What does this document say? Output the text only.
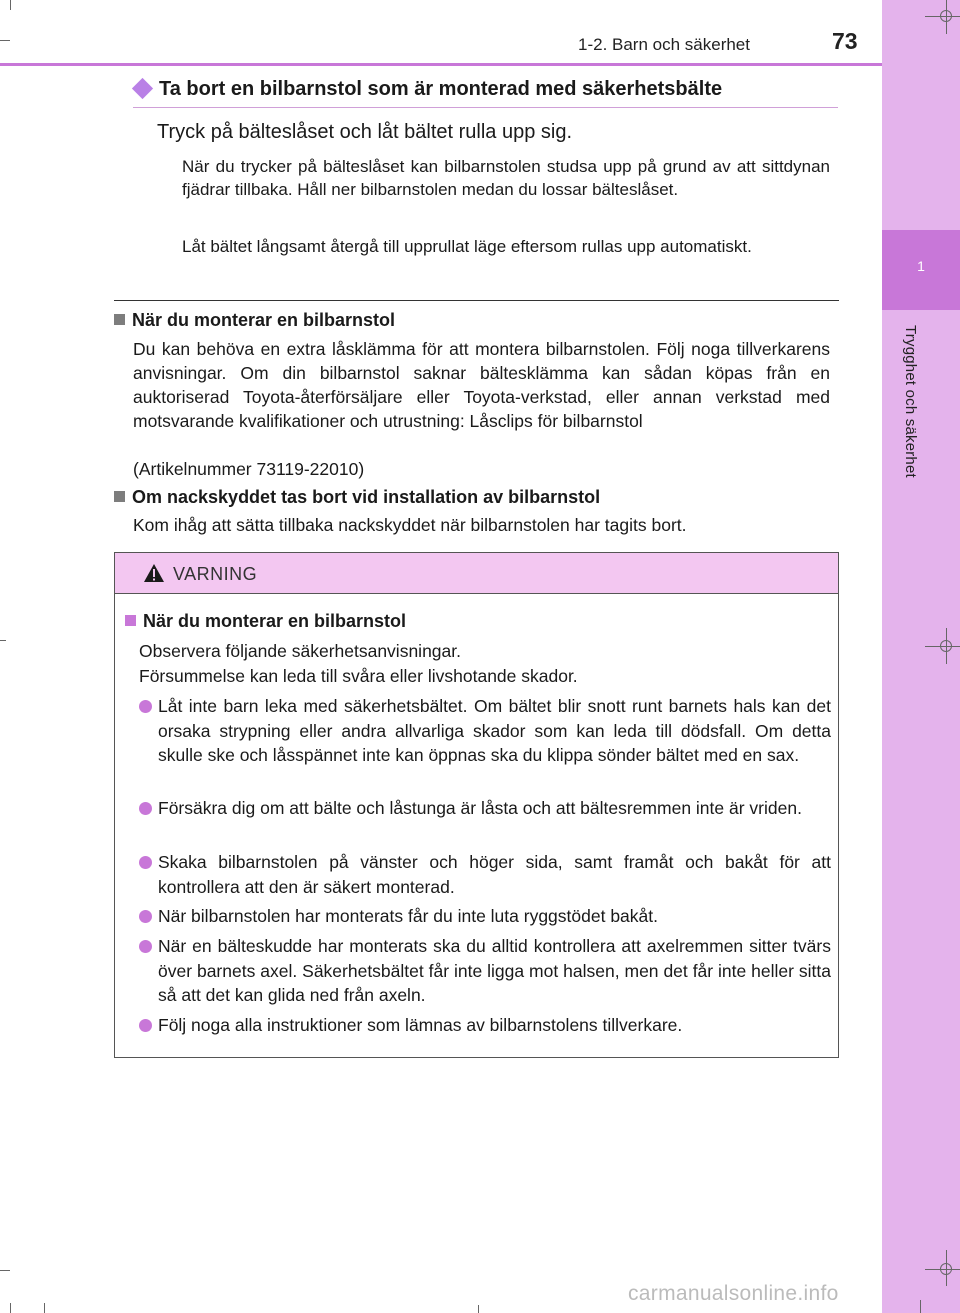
1
Trygghet och säkerhet
1-2. Barn och säkerhet	73
Ta bort en bilbarnstol som är monterad med säkerhetsbälte
Tryck på bälteslåset och låt bältet rulla upp sig.
När du trycker på bälteslåset kan bilbarnstolen studsa upp på grund av att sittdynan fjädrar tillbaka. Håll ner bilbarnstolen medan du lossar bälteslåset.
Låt bältet långsamt återgå till upprullat läge eftersom rullas upp automatiskt.
När du monterar en bilbarnstol
Du kan behöva en extra låsklämma för att montera bilbarnstolen. Följ noga tillverkarens anvisningar. Om din bilbarnstol saknar bältesklämma kan sådan köpas från en auktoriserad Toyota-återförsäljare eller Toyota-verkstad, eller annan verkstad med motsvarande kvalifikationer och utrustning: Låsclips för bilbarnstol
(Artikelnummer 73119-22010)
Om nackskyddet tas bort vid installation av bilbarnstol
Kom ihåg att sätta tillbaka nackskyddet när bilbarnstolen har tagits bort.
VARNING
När du monterar en bilbarnstol
Observera följande säkerhetsanvisningar.
Försummelse kan leda till svåra eller livshotande skador.
Låt inte barn leka med säkerhetsbältet. Om bältet blir snott runt barnets hals kan det orsaka strypning eller andra allvarliga skador som kan leda till dödsfall. Om detta skulle ske och låsspännet inte kan öppnas ska du klippa sönder bältet med en sax.
Försäkra dig om att bälte och låstunga är låsta och att bältesremmen inte är vriden.
Skaka bilbarnstolen på vänster och höger sida, samt framåt och bakåt för att kontrollera att den är säkert monterad.
När bilbarnstolen har monterats får du inte luta ryggstödet bakåt.
När en bälteskudde har monterats ska du alltid kontrollera att axelremmen sitter tvärs över barnets axel. Säkerhetsbältet får inte ligga mot halsen, men det får inte heller sitta så att det kan glida ned från axeln.
Följ noga alla instruktioner som lämnas av bilbarnstolens tillverkare.
carmanualsonline.info
